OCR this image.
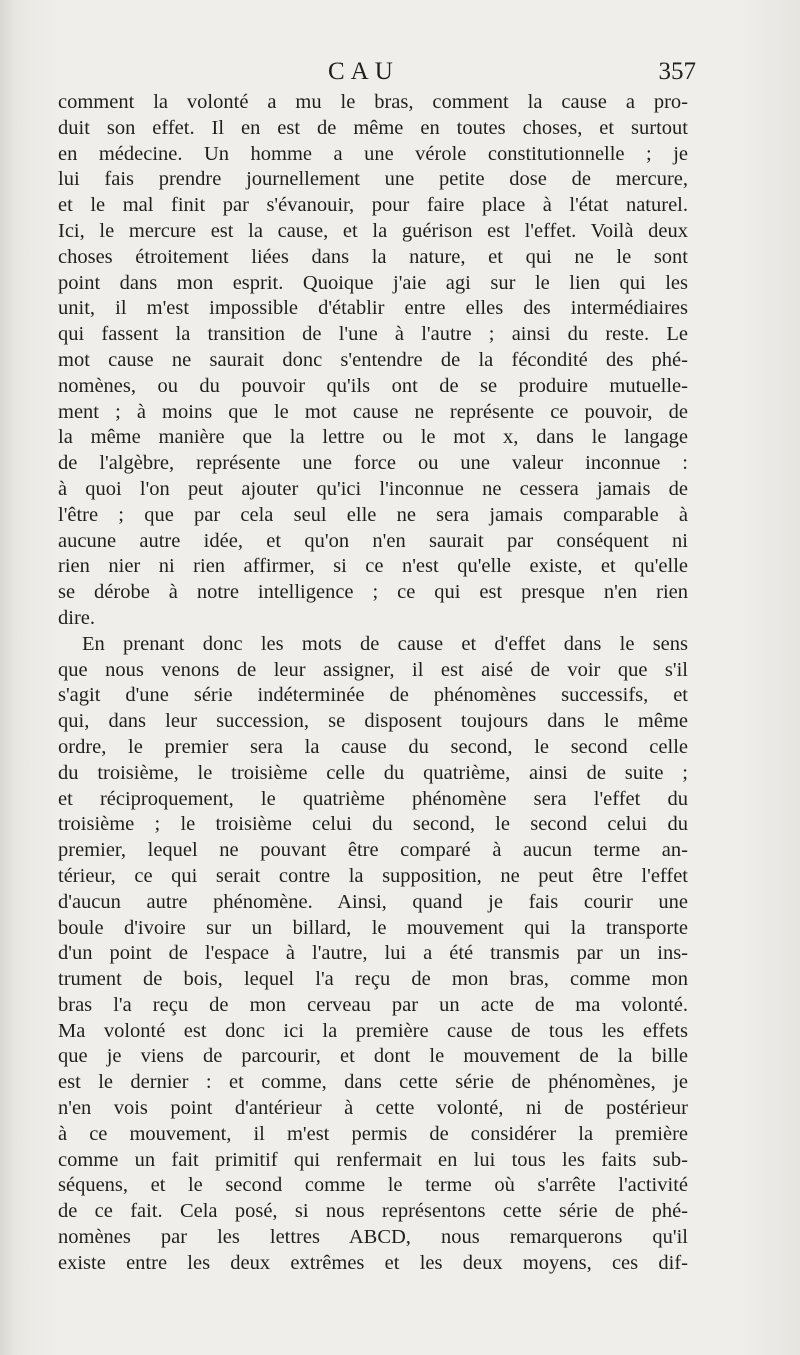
CAU	357
comment la volonté a mu le bras, comment la cause a pro-
duit son effet. Il en est de même en toutes choses, et surtout
en médecine. Un homme a une vérole constitutionnelle ; je
lui fais prendre journellement une petite dose de mercure,
et le mal finit par s'évanouir, pour faire place à l'état naturel.
Ici, le mercure est la cause, et la guérison est l'effet. Voilà deux
choses étroitement liées dans la nature, et qui ne le sont
point dans mon esprit. Quoique j'aie agi sur le lien qui les
unit, il m'est impossible d'établir entre elles des intermédiaires
qui fassent la transition de l'une à l'autre ; ainsi du reste. Le
mot cause ne saurait donc s'entendre de la fécondité des phé-
nomènes, ou du pouvoir qu'ils ont de se produire mutuelle-
ment ; à moins que le mot cause ne représente ce pouvoir, de
la même manière que la lettre ou le mot x, dans le langage
de l'algèbre, représente une force ou une valeur inconnue :
à quoi l'on peut ajouter qu'ici l'inconnue ne cessera jamais de
l'être ; que par cela seul elle ne sera jamais comparable à
aucune autre idée, et qu'on n'en saurait par conséquent ni
rien nier ni rien affirmer, si ce n'est qu'elle existe, et qu'elle
se dérobe à notre intelligence ; ce qui est presque n'en rien
dire.
En prenant donc les mots de cause et d'effet dans le sens
que nous venons de leur assigner, il est aisé de voir que s'il
s'agit d'une série indéterminée de phénomènes successifs, et
qui, dans leur succession, se disposent toujours dans le même
ordre, le premier sera la cause du second, le second celle
du troisième, le troisième celle du quatrième, ainsi de suite ;
et réciproquement, le quatrième phénomène sera l'effet du
troisième ; le troisième celui du second, le second celui du
premier, lequel ne pouvant être comparé à aucun terme an-
térieur, ce qui serait contre la supposition, ne peut être l'effet
d'aucun autre phénomène. Ainsi, quand je fais courir une
boule d'ivoire sur un billard, le mouvement qui la transporte
d'un point de l'espace à l'autre, lui a été transmis par un ins-
trument de bois, lequel l'a reçu de mon bras, comme mon
bras l'a reçu de mon cerveau par un acte de ma volonté.
Ma volonté est donc ici la première cause de tous les effets
que je viens de parcourir, et dont le mouvement de la bille
est le dernier : et comme, dans cette série de phénomènes, je
n'en vois point d'antérieur à cette volonté, ni de postérieur
à ce mouvement, il m'est permis de considérer la première
comme un fait primitif qui renfermait en lui tous les faits sub-
séquens, et le second comme le terme où s'arrête l'activité
de ce fait. Cela posé, si nous représentons cette série de phé-
nomènes par les lettres ABCD, nous remarquerons qu'il
existe entre les deux extrêmes et les deux moyens, ces dif-
